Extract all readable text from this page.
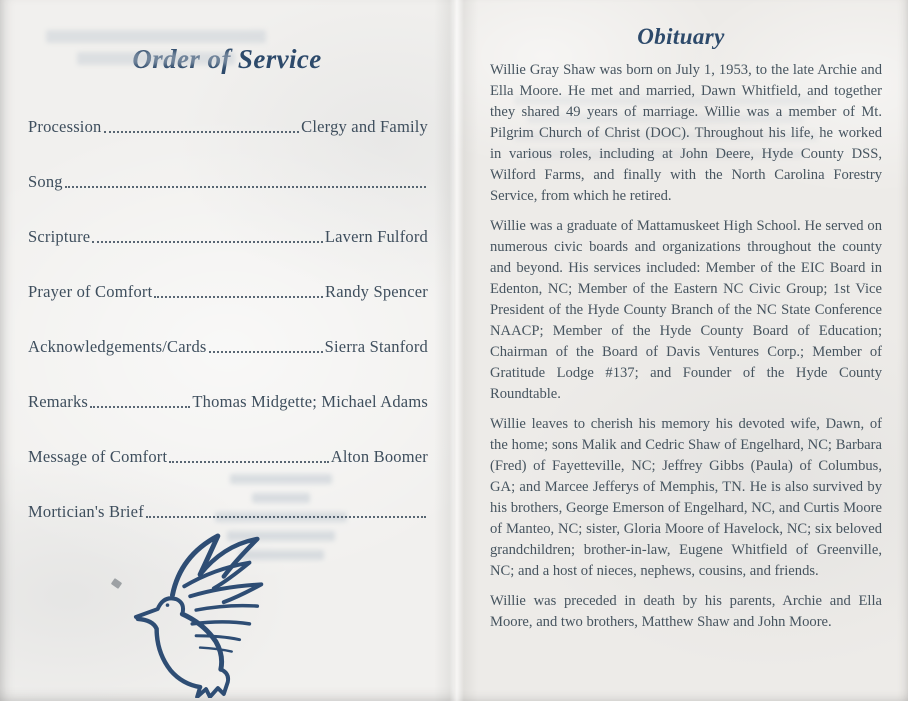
Order of Service
Procession	Clergy and Family
Song
Scripture	Lavern Fulford
Prayer of Comfort	Randy Spencer
Acknowledgements/Cards	Sierra Stanford
Remarks	Thomas Midgette; Michael Adams
Message of Comfort	Alton Boomer
Mortician's Brief
Obituary

Willie Gray Shaw was born on July 1, 1953, to the late Archie and Ella Moore. He met and married, Dawn Whitfield, and together they shared 49 years of marriage. Willie was a member of Mt. Pilgrim Church of Christ (DOC). Throughout his life, he worked in various roles, including at John Deere, Hyde County DSS, Wilford Farms, and finally with the North Carolina Forestry Service, from which he retired.

Willie was a graduate of Mattamuskeet High School. He served on numerous civic boards and organizations throughout the county and beyond. His services included: Member of the EIC Board in Edenton, NC; Member of the Eastern NC Civic Group; 1st Vice President of the Hyde County Branch of the NC State Conference NAACP; Member of the Hyde County Board of Education; Chairman of the Board of Davis Ventures Corp.; Member of Gratitude Lodge #137; and Founder of the Hyde County Roundtable.

Willie leaves to cherish his memory his devoted wife, Dawn, of the home; sons Malik and Cedric Shaw of Engelhard, NC; Barbara (Fred) of Fayetteville, NC; Jeffrey Gibbs (Paula) of Columbus, GA; and Marcee Jefferys of Memphis, TN. He is also survived by his brothers, George Emerson of Engelhard, NC, and Curtis Moore of Manteo, NC; sister, Gloria Moore of Havelock, NC; six beloved grandchildren; brother-in-law, Eugene Whitfield of Greenville, NC; and a host of nieces, nephews, cousins, and friends.

Willie was preceded in death by his parents, Archie and Ella Moore, and two brothers, Matthew Shaw and John Moore.
